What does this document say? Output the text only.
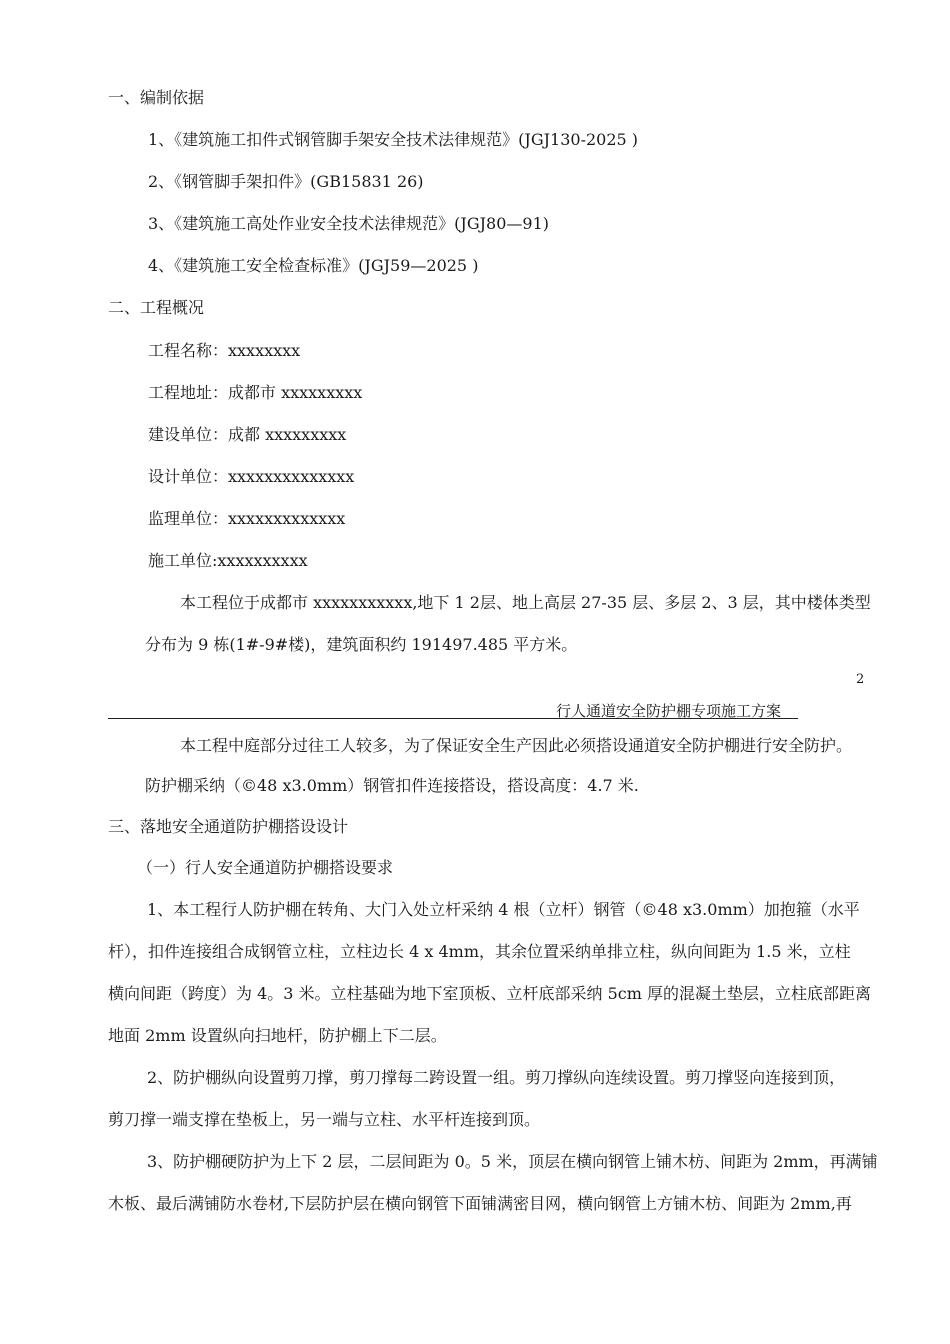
一、编制依据
1、《建筑施工扣件式钢管脚手架安全技术法律规范》(JGJ130-2025 )
2、《钢管脚手架扣件》(GB15831 26)
3、《建筑施工高处作业安全技术法律规范》(JGJ80—91)
4、《建筑施工安全检查标准》(JGJ59—2025 )
二、工程概况
工程名称：xxxxxxxx
工程地址：成都市 xxxxxxxxx
建设单位：成都 xxxxxxxxx
设计单位：xxxxxxxxxxxxxx
监理单位：xxxxxxxxxxxxx
施工单位:xxxxxxxxxx
本工程位于成都市 xxxxxxxxxxx,地下 1 2层、地上高层 27-35 层、多层 2、3 层，其中楼体类型
分布为 9 栋(1#-9#楼)，建筑面积约 191497.485 平方米。
2
行人通道安全防护棚专项施工方案
本工程中庭部分过往工人较多，为了保证安全生产因此必须搭设通道安全防护棚进行安全防护。
防护棚采纳（©48 x3.0mm）钢管扣件连接搭设，搭设高度：4.7 米.
三、落地安全通道防护棚搭设设计
（一）行人安全通道防护棚搭设要求
1、本工程行人防护棚在转角、大门入处立杆采纳 4 根（立杆）钢管（©48 x3.0mm）加抱箍（水平
杆），扣件连接组合成钢管立柱，立柱边长 4 x 4mm，其余位置采纳单排立柱，纵向间距为 1.5 米，立柱
横向间距（跨度）为 4。3 米。立柱基础为地下室顶板、立杆底部采纳 5cm 厚的混凝土垫层，立柱底部距离
地面 2mm 设置纵向扫地杆，防护棚上下二层。
2、防护棚纵向设置剪刀撑，剪刀撑每二跨设置一组。剪刀撑纵向连续设置。剪刀撑竖向连接到顶，
剪刀撑一端支撑在垫板上，另一端与立柱、水平杆连接到顶。
3、防护棚硬防护为上下 2 层，二层间距为 0。5 米，顶层在横向钢管上铺木枋、间距为 2mm，再满铺
木板、最后满铺防水卷材,下层防护层在横向钢管下面铺满密目网，横向钢管上方铺木枋、间距为 2mm,再
